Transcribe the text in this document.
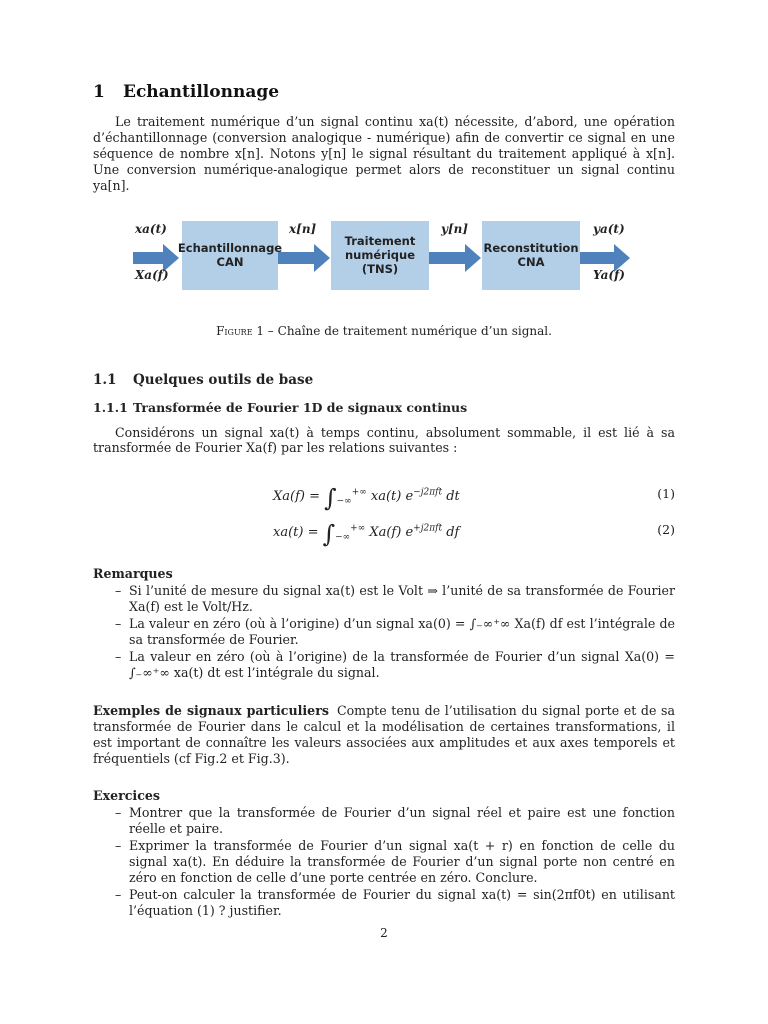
1 Echantillonnage

Le traitement numérique d’un signal continu xa(t) nécessite, d’abord, une opération d’échantillonnage (conversion analogique - numérique) afin de convertir ce signal en une séquence de nombre x[n]. Notons y[n] le signal résultant du traitement appliqué à x[n]. Une conversion numérique-analogique permet alors de reconstituer un signal continu ya[n].

Echantillonnage
CAN
Traitement
numérique
(TNS)
Reconstitution
CNA
xa(t)
Xa(f)
x[n]	y[n]	ya(t)
Ya(f)
Figure 1 – Chaîne de traitement numérique d’un signal.
1.1 Quelques outils de base
1.1.1 Transformée de Fourier 1D de signaux continus

Considérons un signal xa(t) à temps continu, absolument sommable, il est lié à sa transformée de Fourier Xa(f) par les relations suivantes :

$Xa(f) = \int_{-\infty}^{+\infty}$ xa(t) $e^{-j2\pi ft}$ dt	(1)
$xa(t) = \int_{-\infty}^{+\infty}$ Xa(f) $e^{+j2\pi ft}$ df	(2)
Remarques
– Si l’unité de mesure du signal xa(t) est le Volt ⇒ l’unité de sa transformée de Fourier Xa(f) est le Volt/Hz.
– La valeur en zéro (où à l’origine) d’un signal xa(0) = ∫₋∞⁺∞ Xa(f) df est l’intégrale de sa transformée de Fourier.
– La valeur en zéro (où à l’origine) de la transformée de Fourier d’un signal Xa(0) = ∫₋∞⁺∞ xa(t) dt est l’intégrale du signal.

Exemples de signaux particuliers Compte tenu de l’utilisation du signal porte et de sa transformée de Fourier dans le calcul et la modélisation de certaines transformations, il est important de connaître les valeurs associées aux amplitudes et aux axes temporels et fréquentiels (cf Fig.2 et Fig.3).

Exercices
– Montrer que la transformée de Fourier d’un signal réel et paire est une fonction réelle et paire.
– Exprimer la transformée de Fourier d’un signal xa(t + r) en fonction de celle du signal xa(t). En déduire la transformée de Fourier d’un signal porte non centré en zéro en fonction de celle d’une porte centrée en zéro. Conclure.
– Peut-on calculer la transformée de Fourier du signal xa(t) = sin(2πf0t) en utilisant l’équation (1) ? justifier.
2
